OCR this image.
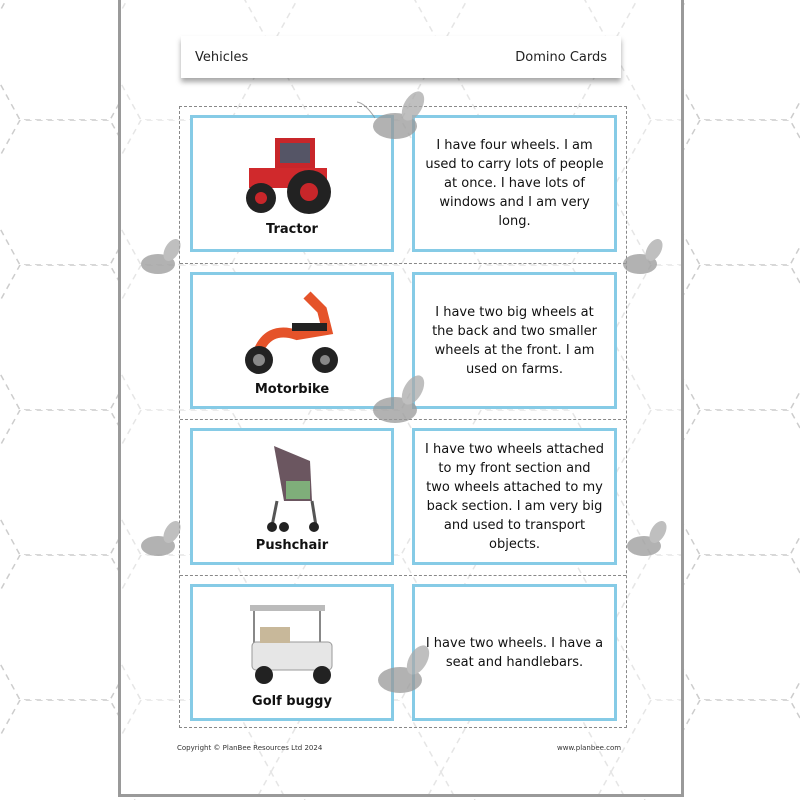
Vehicles	Domino Cards
Tractor
I have four wheels. I am used to carry lots of people at once. I have lots of windows and I am very long.
Motorbike
I have two big wheels at the back and two smaller wheels at the front. I am used on farms.
Pushchair
I have two wheels attached to my front section and two wheels attached to my back section. I am very big and used to transport objects.
Golf buggy
I have two wheels. I have a seat and handlebars.
Copyright © PlanBee Resources Ltd 2024	www.planbee.com
